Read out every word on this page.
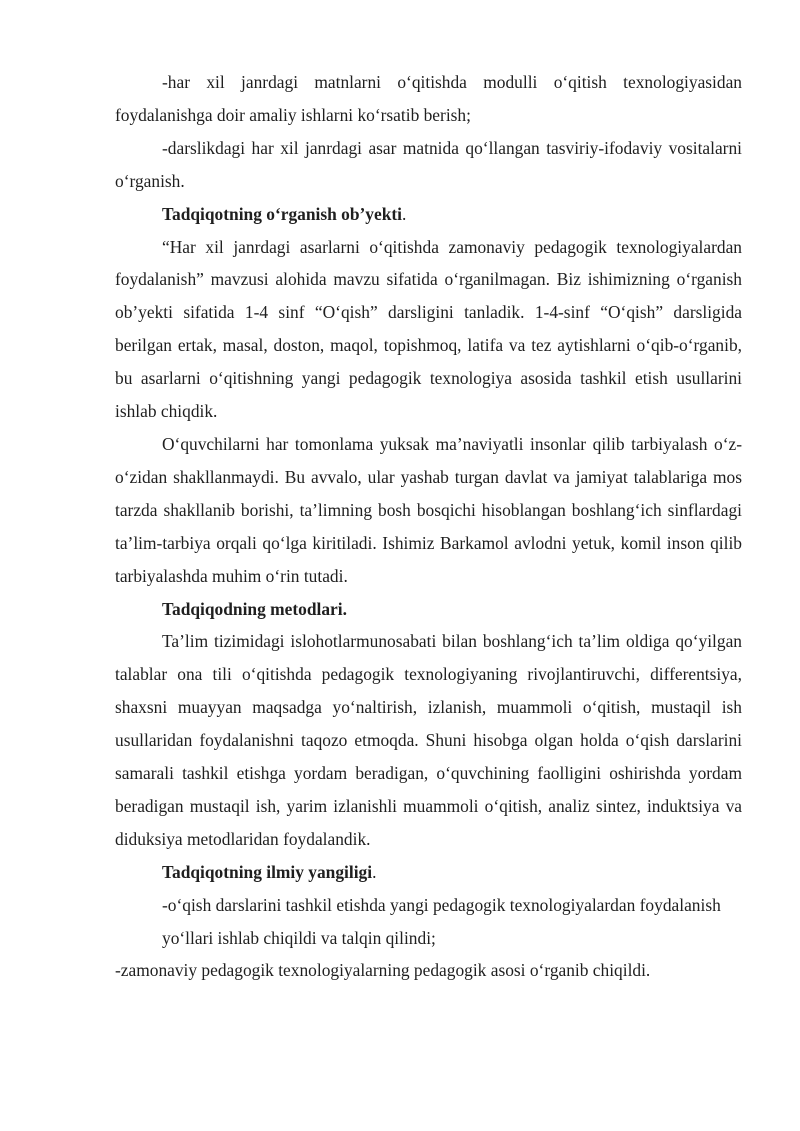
-har xil janrdagi matnlarni o‘qitishda modulli o‘qitish texnologiyasidan foydalanishga doir amaliy ishlarni ko‘rsatib berish;

-darslikdagi har xil janrdagi asar matnida qo‘llangan tasviriy-ifodaviy vositalarni o‘rganish.

Tadqiqotning o‘rganish ob’yekti.

“Har xil janrdagi asarlarni o‘qitishda zamonaviy pedagogik texnologiyalardan foydalanish” mavzusi alohida mavzu sifatida o‘rganilmagan. Biz ishimizning o‘rganish ob’yekti sifatida 1-4 sinf “O‘qish” darsligini tanladik. 1-4-sinf “O‘qish” darsligida berilgan ertak, masal, doston, maqol, topishmoq, latifa va tez aytishlarni o‘qib-o‘rganib, bu asarlarni o‘qitishning yangi pedagogik texnologiya asosida tashkil etish usullarini ishlab chiqdik.

O‘quvchilarni har tomonlama yuksak ma’naviyatli insonlar qilib tarbiyalash o‘z-o‘zidan shakllanmaydi. Bu avvalo, ular yashab turgan davlat va jamiyat talablariga mos tarzda shakllanib borishi, ta’limning bosh bosqichi hisoblangan boshlang‘ich sinflardagi ta’lim-tarbiya orqali qo‘lga kiritiladi. Ishimiz Barkamol avlodni yetuk, komil inson qilib tarbiyalashda muhim o‘rin tutadi.

Tadqiqodning metodlari.

Ta’lim tizimidagi islohotlarmunosabati bilan boshlang‘ich ta’lim oldiga qo‘yilgan talablar ona tili o‘qitishda pedagogik texnologiyaning rivojlantiruvchi, differentsiya, shaxsni muayyan maqsadga yo‘naltirish, izlanish, muammoli o‘qitish, mustaqil ish usullaridan foydalanishni taqozo etmoqda. Shuni hisobga olgan holda o‘qish darslarini samarali tashkil etishga yordam beradigan, o‘quvchining faolligini oshirishda yordam beradigan mustaqil ish, yarim izlanishli muammoli o‘qitish, analiz sintez, induktsiya va diduksiya metodlaridan foydalandik.

Tadqiqotning ilmiy yangiligi.

-o‘qish darslarini tashkil etishda yangi pedagogik texnologiyalardan foydalanish

yo‘llari ishlab chiqildi va talqin qilindi;

-zamonaviy pedagogik texnologiyalarning pedagogik asosi o‘rganib chiqildi.
